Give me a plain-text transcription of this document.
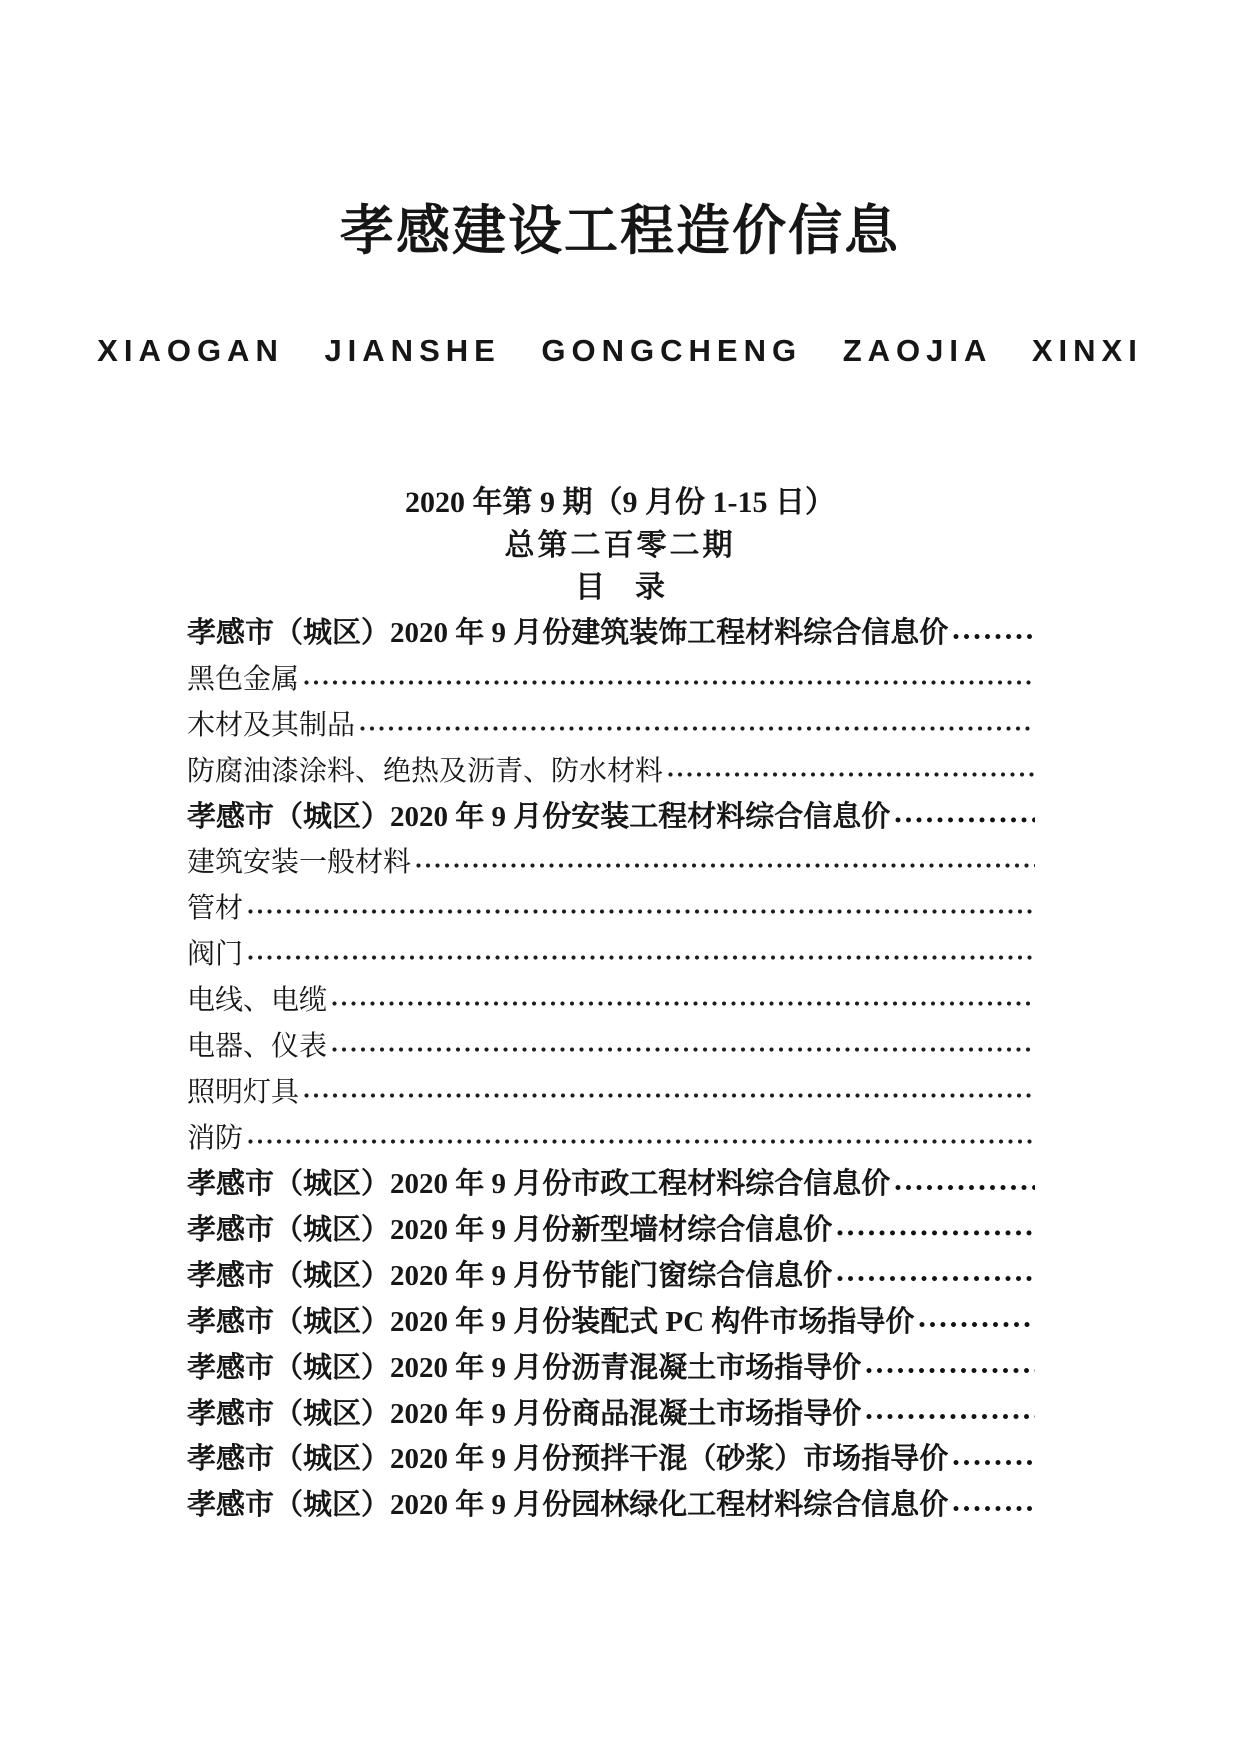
孝感建设工程造价信息
XIAOGAN JIANSHE GONGCHENG ZAOJIA XINXI
2020 年第 9 期（9 月份 1-15 日）
总第二百零二期
目　录
孝感市（城区）2020 年 9 月份建筑装饰工程材料综合信息价
黑色金属
木材及其制品
防腐油漆涂料、绝热及沥青、防水材料
孝感市（城区）2020 年 9 月份安装工程材料综合信息价
建筑安装一般材料
管材
阀门
电线、电缆
电器、仪表
照明灯具
消防
孝感市（城区）2020 年 9 月份市政工程材料综合信息价
孝感市（城区）2020 年 9 月份新型墙材综合信息价
孝感市（城区）2020 年 9 月份节能门窗综合信息价
孝感市（城区）2020 年 9 月份装配式 PC 构件市场指导价
孝感市（城区）2020 年 9 月份沥青混凝土市场指导价
孝感市（城区）2020 年 9 月份商品混凝土市场指导价
孝感市（城区）2020 年 9 月份预拌干混（砂浆）市场指导价
孝感市（城区）2020 年 9 月份园林绿化工程材料综合信息价
